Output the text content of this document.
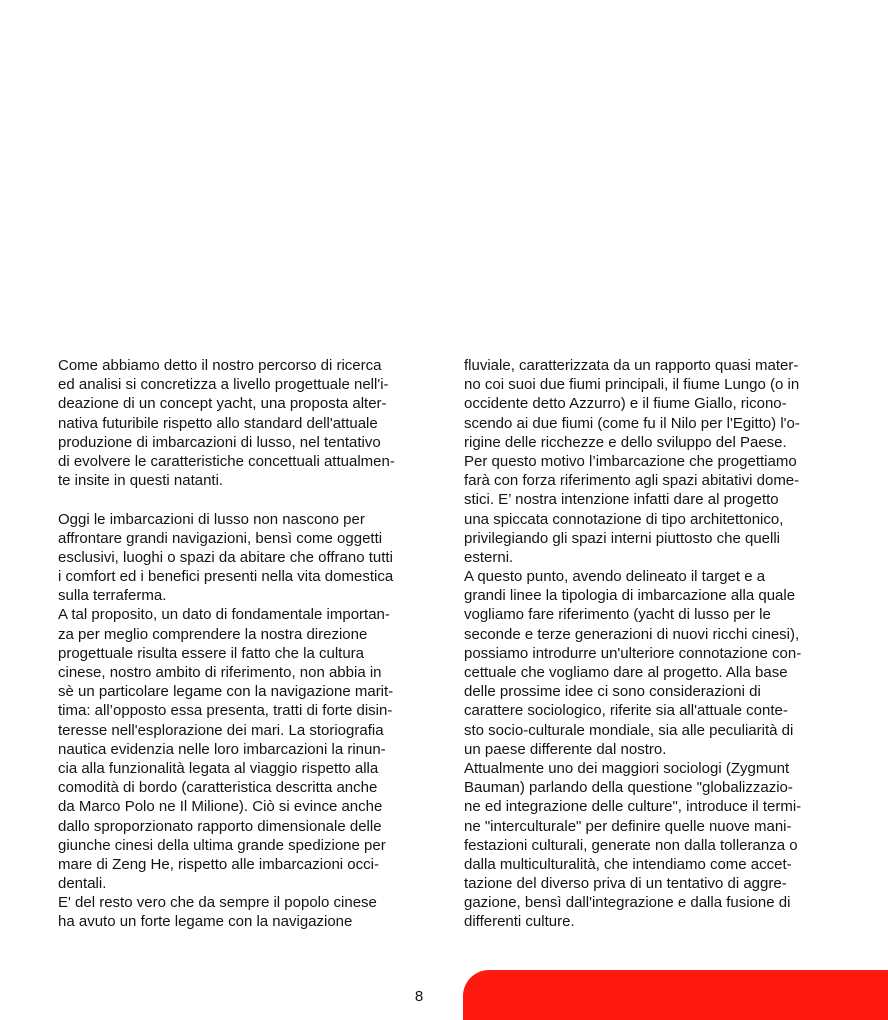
Come abbiamo detto il nostro percorso di ricerca
ed analisi si concretizza a livello progettuale nell'i-
deazione di un concept yacht, una proposta alter-
nativa futuribile rispetto allo standard dell'attuale
produzione di imbarcazioni di lusso, nel tentativo
di evolvere le caratteristiche concettuali attualmen-
te insite in questi natanti.
Oggi le imbarcazioni di lusso non nascono per
affrontare grandi navigazioni, bensì come oggetti
esclusivi, luoghi o spazi da abitare che offrano tutti
i comfort ed i benefici presenti nella vita domestica
sulla terraferma.
A tal proposito, un dato di fondamentale importan-
za per meglio comprendere la nostra direzione
progettuale risulta essere il fatto che la cultura
cinese, nostro ambito di riferimento, non abbia in
sè un particolare legame con la navigazione marit-
tima: all’opposto essa presenta, tratti di forte disin-
teresse nell'esplorazione dei mari. La storiografia
nautica evidenzia nelle loro imbarcazioni la rinun-
cia alla funzionalità legata al viaggio rispetto alla
comodità di bordo (caratteristica descritta anche
da Marco Polo ne Il Milione). Ciò si evince anche
dallo sproporzionato rapporto dimensionale delle
giunche cinesi della ultima grande spedizione per
mare di Zeng He, rispetto alle imbarcazioni occi-
dentali.
E' del resto vero che da sempre il popolo cinese
ha avuto un forte legame con la navigazione
fluviale, caratterizzata da un rapporto quasi mater-
no coi suoi due fiumi principali, il fiume Lungo (o in
occidente detto Azzurro) e il fiume Giallo, ricono-
scendo ai due fiumi (come fu il Nilo per l'Egitto) l'o-
rigine delle ricchezze e dello sviluppo del Paese.
Per questo motivo l’imbarcazione che progettiamo
farà con forza riferimento agli spazi abitativi dome-
stici. E’ nostra intenzione infatti dare al progetto
una spiccata connotazione di tipo architettonico,
privilegiando gli spazi interni piuttosto che quelli
esterni.
A questo punto, avendo delineato il target e a
grandi linee la tipologia di imbarcazione alla quale
vogliamo fare riferimento (yacht di lusso per le
seconde e terze generazioni di nuovi ricchi cinesi),
possiamo introdurre un'ulteriore connotazione con-
cettuale che vogliamo dare al progetto. Alla base
delle prossime idee ci sono considerazioni di
carattere sociologico, riferite sia all'attuale conte-
sto socio-culturale mondiale, sia alle peculiarità di
un paese differente dal nostro.
Attualmente uno dei maggiori sociologi (Zygmunt
Bauman) parlando della questione "globalizzazio-
ne ed integrazione delle culture", introduce il termi-
ne "interculturale" per definire quelle nuove mani-
festazioni culturali, generate non dalla tolleranza o
dalla multiculturalità, che intendiamo come accet-
tazione del diverso priva di un tentativo di aggre-
gazione, bensì dall'integrazione e dalla fusione di
differenti culture.
8
